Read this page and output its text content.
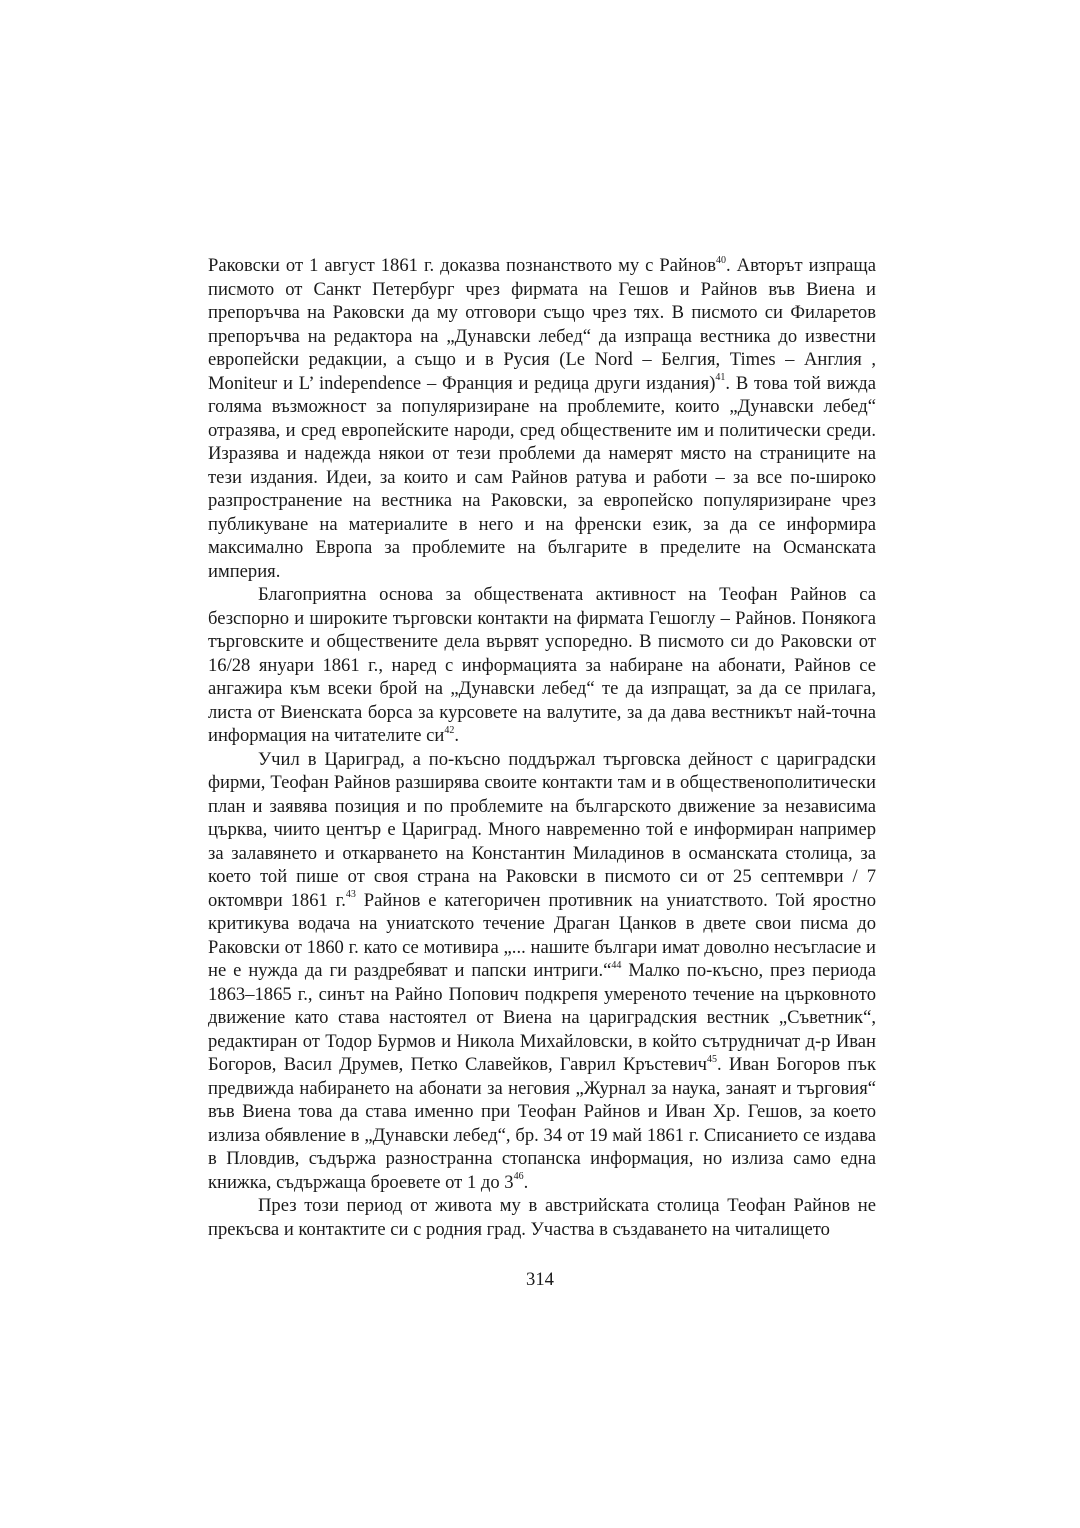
Раковски от 1 август 1861 г. доказва познанството му с Райнов$^{40}$. Авторът изпраща писмото от Санкт Петербург чрез фирмата на Гешов и Райнов във Виена и препоръчва на Раковски да му отговори също чрез тях. В писмото си Филаретов препоръчва на редактора на „Дунавски лебед“ да изпраща вестника до известни европейски редакции, а също и в Русия (Le Nord – Белгия, Times – Англия , Moniteur и L’ independence – Франция и редица други издания)$^{41}$. В това той вижда голяма възможност за популяризиране на проблемите, които „Дунавски лебед“ отразява, и сред европейските народи, сред обществените им и политически среди. Изразява и надежда някои от тези проблеми да намерят място на страниците на тези издания. Идеи, за които и сам Райнов ратува и работи – за все по-широко разпространение на вестника на Раковски, за европейско популяризиране чрез публикуване на материалите в него и на френски език, за да се информира максимално Европа за проблемите на българите в пределите на Османската империя.

Благоприятна основа за обществената активност на Теофан Райнов са безспорно и широките търговски контакти на фирмата Гешоглу – Райнов. Понякога търговските и обществените дела вървят успоредно. В писмото си до Раковски от 16/28 януари 1861 г., наред с информацията за набиране на абонати, Райнов се ангажира към всеки брой на „Дунавски лебед“ те да изпращат, за да се прилага, листа от Виенската борса за курсовете на валутите, за да дава вестникът най-точна информация на читателите си$^{42}$.

Учил в Цариград, а по-късно поддържал търговска дейност с цариградски фирми, Теофан Райнов разширява своите контакти там и в общественополитически план и заявява позиция и по проблемите на българското движение за независима църква, чиито център е Цариград. Много навременно той е информиран например за залавянето и откарването на Константин Миладинов в османската столица, за което той пише от своя страна на Раковски в писмото си от 25 септември / 7 октомври 1861 г.$^{43}$ Райнов е категоричен противник на униатството. Той яростно критикува водача на униатското течение Драган Цанков в двете свои писма до Раковски от 1860 г. като се мотивира „... нашите българи имат доволно несъгласие и не е нужда да ги раздребяват и папски интриги.“$^{44}$ Малко по-късно, през периода 1863–1865 г., синът на Райно Попович подкрепя умереното течение на църковното движение като става настоятел от Виена на цариградския вестник „Съветник“, редактиран от Тодор Бурмов и Никола Михайловски, в който сътрудничат д-р Иван Богоров, Васил Друмев, Петко Славейков, Гаврил Кръстевич$^{45}$. Иван Богоров пък предвижда набирането на абонати за неговия „Журнал за наука, занаят и търговия“ във Виена това да става именно при Теофан Райнов и Иван Хр. Гешов, за което излиза обявление в „Дунавски лебед“, бр. 34 от 19 май 1861 г. Списанието се издава в Пловдив, съдържа разностранна стопанска информация, но излиза само една книжка, съдържаща броевете от 1 до 3$^{46}$.

През този период от живота му в австрийската столица Теофан Райнов не прекъсва и контактите си с родния град. Участва в създаването на читалището

314
